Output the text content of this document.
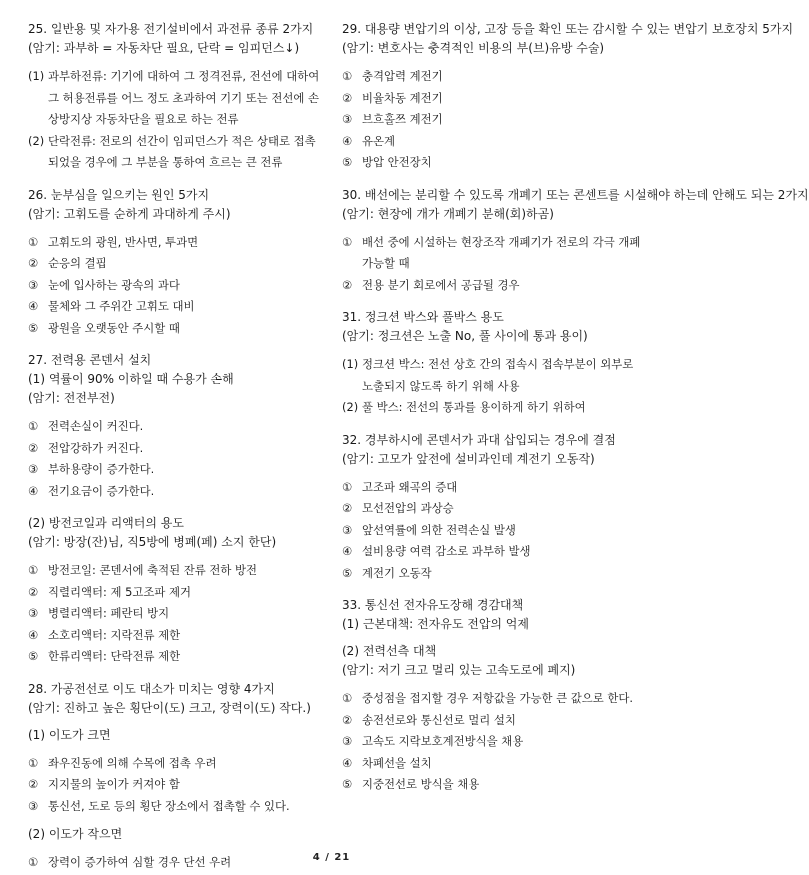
25. 일반용 및 자가용 전기설비에서 과전류 종류 2가지
(암기: 과부하 = 자동차단 필요, 단락 = 임피던스↓)
(1) 과부하전류: 기기에 대하여 그 정격전류, 전선에 대하여 그 허용전류를 어느 정도 초과하여 기기 또는 전선에 손상방지상 자동차단을 필요로 하는 전류
(2) 단락전류: 전로의 선간이 임피던스가 적은 상태로 접촉되었을 경우에 그 부분을 통하여 흐르는 큰 전류
26. 눈부심을 일으키는 원인 5가지
(암기: 고휘도를 순하게 과대하게 주시)
① 고휘도의 광원, 반사면, 투과면
② 순응의 결핍
③ 눈에 입사하는 광속의 과다
④ 물체와 그 주위간 고휘도 대비
⑤ 광원을 오랫동안 주시할 때
27. 전력용 콘덴서 설치
(1) 역률이 90% 이하일 때 수용가 손해
(암기: 전전부전)
① 전력손실이 커진다.
② 전압강하가 커진다.
③ 부하용량이 증가한다.
④ 전기요금이 증가한다.
(2) 방전코일과 리액터의 용도
(암기: 방장(잔)님, 직5방에 병폐(페) 소지 한단)
① 방전코일: 콘덴서에 축적된 잔류 전하 방전
② 직렬리액터: 제 5고조파 제거
③ 병렬리액터: 페란티 방지
④ 소호리액터: 지락전류 제한
⑤ 한류리액터: 단락전류 제한
28. 가공전선로 이도 대소가 미치는 영향 4가지
(암기: 진하고 높은 횡단이(도) 크고, 장력이(도) 작다.)
(1) 이도가 크면
① 좌우진동에 의해 수목에 접촉 우려
② 지지물의 높이가 커져야 함
③ 통신선, 도로 등의 횡단 장소에서 접촉할 수 있다.
(2) 이도가 작으면
① 장력이 증가하여 심할 경우 단선 우려
29. 대용량 변압기의 이상, 고장 등을 확인 또는 감시할 수 있는 변압기 보호장치 5가지
(암기: 변호사는 충격적인 비용의 부(브)유방 수술)
① 충격압력 계전기
② 비율차동 계전기
③ 브흐홀쯔 계전기
④ 유온계
⑤ 방압 안전장치
30. 배선에는 분리할 수 있도록 개폐기 또는 콘센트를 시설해야 하는데 안해도 되는 2가지
(암기: 현장에 개가 개폐기 분해(회)하곰)
① 배선 중에 시설하는 현장조작 개폐기가 전로의 각극 개폐 가능할 때
② 전용 분기 회로에서 공급될 경우
31. 정크션 박스와 풀박스 용도
(암기: 정크션은 노출 No, 풀 사이에 통과 용이)
(1) 정크션 박스: 전선 상호 간의 접속시 접속부분이 외부로 노출되지 않도록 하기 위해 사용
(2) 풀 박스: 전선의 통과를 용이하게 하기 위하여
32. 경부하시에 콘덴서가 과대 삽입되는 경우에 결점
(암기: 고모가 앞전에 설비과인데 계전기 오동작)
① 고조파 왜곡의 증대
② 모선전압의 과상승
③ 앞선역률에 의한 전력손실 발생
④ 설비용량 여력 감소로 과부하 발생
⑤ 계전기 오동작
33. 통신선 전자유도장해 경감대책
(1) 근본대책: 전자유도 전압의 억제
(2) 전력선측 대책
(암기: 저기 크고 멀리 있는 고속도로에 폐지)
① 중성점을 접지할 경우 저항값을 가능한 큰 값으로 한다.
② 송전선로와 통신선로 멀리 설치
③ 고속도 지락보호계전방식을 채용
④ 차폐선을 설치
⑤ 지중전선로 방식을 채용
4 / 21
